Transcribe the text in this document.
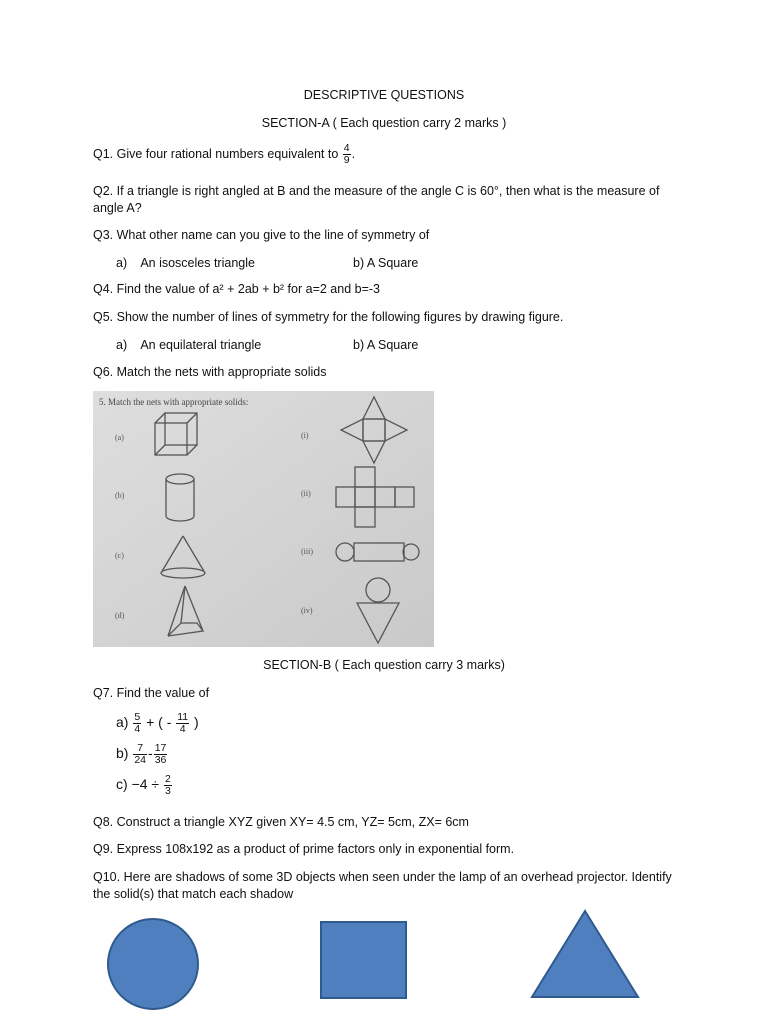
DESCRIPTIVE QUESTIONS
SECTION-A ( Each question carry 2 marks )
Q1. Give four rational numbers equivalent to $\frac{4}{9}$ .
Q2. If a triangle is right angled at B and the measure of the angle C is 60°, then what is the measure of angle A?
Q3. What other name can you give to the line of symmetry of
a)    An isosceles triangle	b) A Square
Q4. Find the value of a² + 2ab + b² for a=2 and b=-3
Q5. Show the number of lines of symmetry for the following figures by drawing figure.
a)    An equilateral triangle	b) A Square
Q6. Match the nets with appropriate solids
5. Match the nets with appropriate solids:
(a)
(b)
(c)
(d)
(i)
(ii)
(iii)
(iv)
SECTION-B ( Each question carry 3 marks)
Q7. Find the value of
$a) \frac{5}{4}$ + ( - $\frac{11}{4}$ )
$b) \frac{7}{24} - \frac{17}{36}$
$c) -4 \div \frac{2}{3}$
Q8. Construct a triangle XYZ given XY= 4.5 cm, YZ= 5cm, ZX= 6cm
Q9. Express 108x192 as a product of prime factors only in exponential form.
Q10. Here are shadows of some 3D objects when seen under the lamp of an overhead projector. Identify the solid(s) that match each shadow
